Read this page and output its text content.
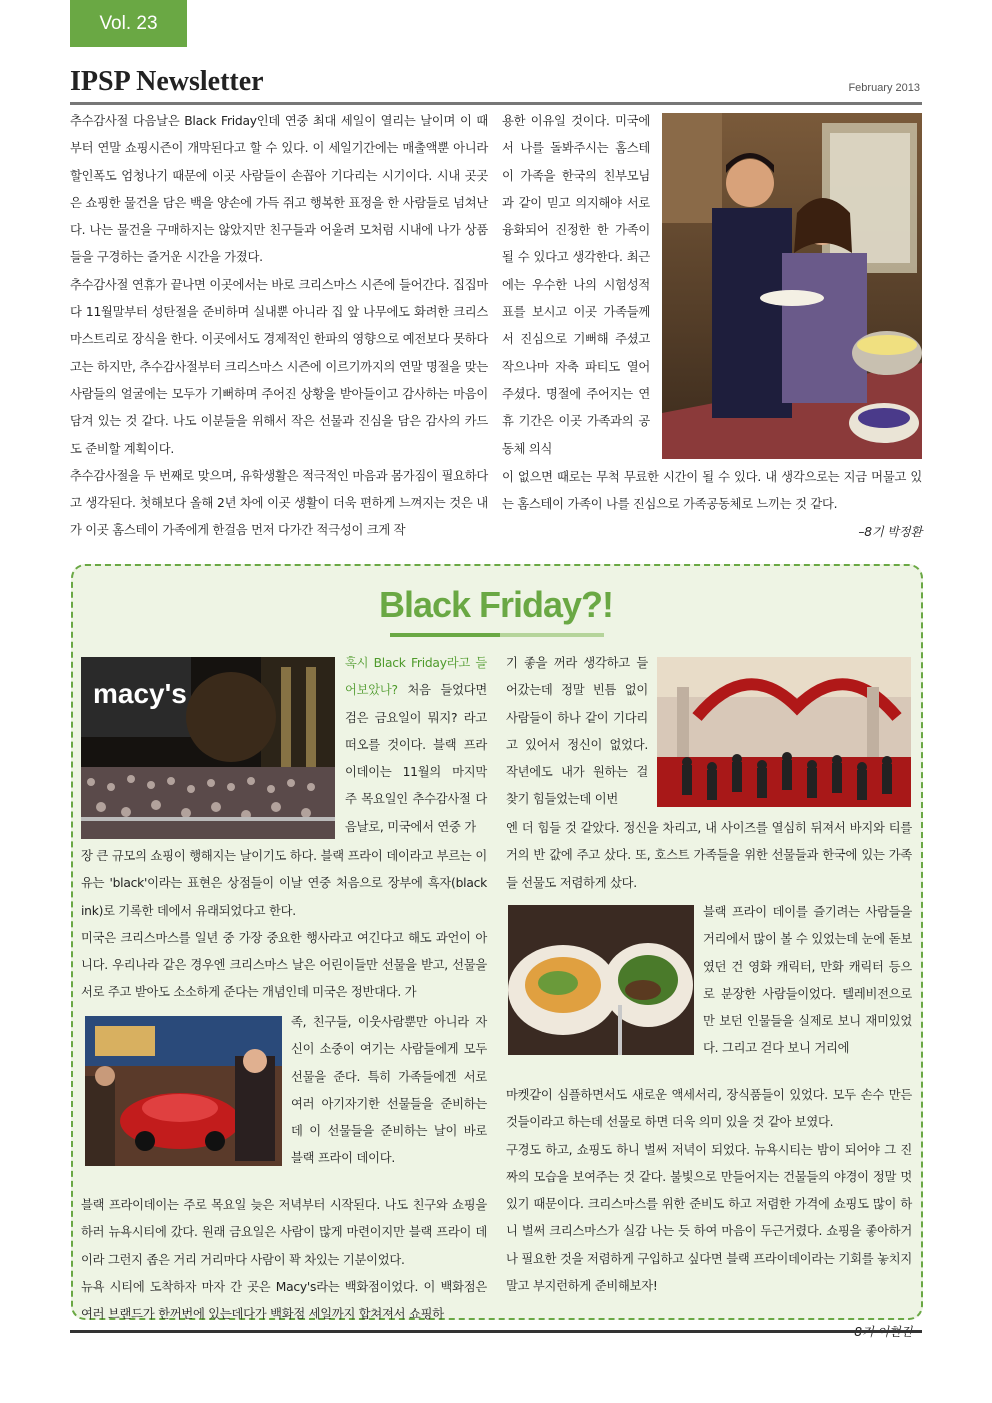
Vol. 23
IPSP Newsletter	February 2013

추수감사절 다음날은 Black Friday인데 연중 최대 세일이 열리는 날이며 이 때부터 연말 쇼핑시즌이 개막된다고 할 수 있다. 이 세일기간에는 매출액뿐 아니라 할인폭도 엄청나기 때문에 이곳 사람들이 손꼽아 기다리는 시기이다. 시내 곳곳은 쇼핑한 물건을 담은 백을 양손에 가득 쥐고 행복한 표정을 한 사람들로 넘쳐난다. 나는 물건을 구매하지는 않았지만 친구들과 어울려 모처럼 시내에 나가 상품들을 구경하는 즐거운 시간을 가졌다.

추수감사절 연휴가 끝나면 이곳에서는 바로 크리스마스 시즌에 들어간다. 집집마다 11월말부터 성탄절을 준비하며 실내뿐 아니라 집 앞 나무에도 화려한 크리스마스트리로 장식을 한다. 이곳에서도 경제적인 한파의 영향으로 예전보다 못하다고는 하지만, 추수감사절부터 크리스마스 시즌에 이르기까지의 연말 명절을 맞는 사람들의 얼굴에는 모두가 기뻐하며 주어진 상황을 받아들이고 감사하는 마음이 담겨 있는 것 같다. 나도 이분들을 위해서 작은 선물과 진심을 담은 감사의 카드도 준비할 계획이다.

추수감사절을 두 번째로 맞으며, 유학생활은 적극적인 마음과 몸가짐이 필요하다고 생각된다. 첫해보다 올해 2년 차에 이곳 생활이 더욱 편하게 느껴지는 것은 내가 이곳 홈스테이 가족에게 한걸음 먼저 다가간 적극성이 크게 작

용한 이유일 것이다. 미국에서 나를 돌봐주시는 홈스테이 가족을 한국의 친부모님과 같이 믿고 의지해야 서로 융화되어 진정한 한 가족이 될 수 있다고 생각한다. 최근에는 우수한 나의 시험성적표를 보시고 이곳 가족들께서 진심으로 기뻐해 주셨고 작으나마 자축 파티도 열어 주셨다. 명절에 주어지는 연휴 기간은 이곳 가족과의 공동체 의식

이 없으면 때로는 무척 무료한 시간이 될 수 있다. 내 생각으로는 지금 머물고 있는 홈스테이 가족이 나를 진심으로 가족공동체로 느끼는 것 같다.

–8기 박정환

Black Friday?!
macy's

혹시 Black Friday라고 들어보았나? 처음 들었다면 검은 금요일이 뭐지? 라고 떠오를 것이다. 블랙 프라이데이는 11월의 마지막 주 목요일인 추수감사절 다음날로, 미국에서 연중 가

장 큰 규모의 쇼핑이 행해지는 날이기도 하다. 블랙 프라이 데이라고 부르는 이유는 'black'이라는 표현은 상점들이 이날 연중 처음으로 장부에 흑자(black ink)로 기록한 데에서 유래되었다고 한다.

미국은 크리스마스를 일년 중 가장 중요한 행사라고 여긴다고 해도 과언이 아니다. 우리나라 같은 경우엔 크리스마스 날은 어린이들만 선물을 받고, 선물을 서로 주고 받아도 소소하게 준다는 개념인데 미국은 정반대다. 가

족, 친구들, 이웃사람뿐만 아니라 자신이 소중이 여기는 사람들에게 모두 선물을 준다. 특히 가족들에겐 서로 여러 아기자기한 선물들을 준비하는데 이 선물들을 준비하는 날이 바로 블랙 프라이 데이다.

블랙 프라이데이는 주로 목요일 늦은 저녁부터 시작된다. 나도 친구와 쇼핑을 하러 뉴욕시티에 갔다. 원래 금요일은 사람이 많게 마련이지만 블랙 프라이 데이라 그런지 좁은 거리 거리마다 사람이 꽉 차있는 기분이었다.
뉴욕 시티에 도착하자 마자 간 곳은 Macy's라는 백화점이었다. 이 백화점은 여러 브랜드가 한꺼번에 있는데다가 백화점 세일까지 합쳐져서 쇼핑하

기 좋을 꺼라 생각하고 들어갔는데 정말 빈틈 없이 사람들이 하나 같이 기다리고 있어서 정신이 없었다. 작년에도 내가 원하는 걸 찾기 힘들었는데 이번

엔 더 힘들 것 같았다. 정신을 차리고, 내 사이즈를 열심히 뒤져서 바지와 티를 거의 반 값에 주고 샀다. 또, 호스트 가족들을 위한 선물들과 한국에 있는 가족들 선물도 저렴하게 샀다.

블랙 프라이 데이를 즐기려는 사람들을 거리에서 많이 볼 수 있었는데 눈에 돋보였던 건 영화 캐릭터, 만화 캐릭터 등으로 분장한 사람들이었다. 텔레비전으로만 보던 인물들을 실제로 보니 재미있었다. 그리고 걷다 보니 거리에

마켓같이 심플하면서도 새로운 액세서리, 장식품들이 있었다. 모두 손수 만든 것들이라고 하는데 선물로 하면 더욱 의미 있을 것 같아 보였다.
구경도 하고, 쇼핑도 하니 벌써 저녁이 되었다. 뉴욕시티는 밤이 되어야 그 진짜의 모습을 보여주는 것 같다. 불빛으로 만들어지는 건물들의 야경이 정말 멋있기 때문이다. 크리스마스를 위한 준비도 하고 저렴한 가격에 쇼핑도 많이 하니 벌써 크리스마스가 실감 나는 듯 하여 마음이 두근거렸다. 쇼핑을 좋아하거나 필요한 것을 저렴하게 구입하고 싶다면 블랙 프라이데이라는 기회를 놓치지 말고 부지런하게 준비해보자!
